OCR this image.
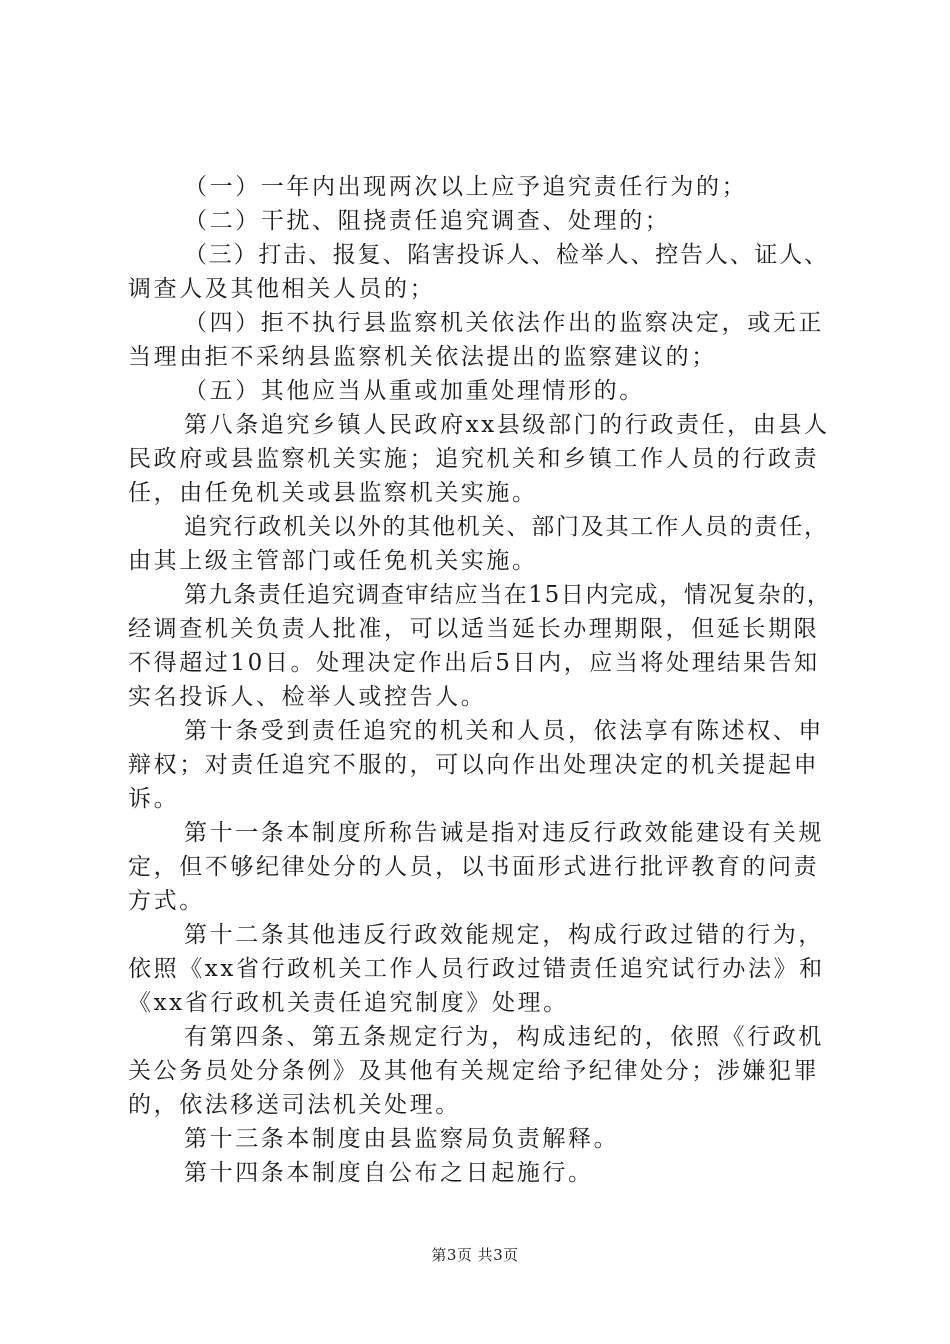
（一）一年内出现两次以上应予追究责任行为的；
（二）干扰、阻挠责任追究调查、处理的；
（三）打击、报复、陷害投诉人、检举人、控告人、证人、
调查人及其他相关人员的；
（四）拒不执行县监察机关依法作出的监察决定，或无正
当理由拒不采纳县监察机关依法提出的监察建议的；
（五）其他应当从重或加重处理情形的。
第八条追究乡镇人民政府xx县级部门的行政责任，由县人
民政府或县监察机关实施；追究机关和乡镇工作人员的行政责
任，由任免机关或县监察机关实施。
追究行政机关以外的其他机关、部门及其工作人员的责任，
由其上级主管部门或任免机关实施。
第九条责任追究调查审结应当在15日内完成，情况复杂的，
经调查机关负责人批准，可以适当延长办理期限，但延长期限
不得超过10日。处理决定作出后5日内，应当将处理结果告知
实名投诉人、检举人或控告人。
第十条受到责任追究的机关和人员，依法享有陈述权、申
辩权；对责任追究不服的，可以向作出处理决定的机关提起申
诉。
第十一条本制度所称告诫是指对违反行政效能建设有关规
定，但不够纪律处分的人员，以书面形式进行批评教育的问责
方式。
第十二条其他违反行政效能规定，构成行政过错的行为，
依照《xx省行政机关工作人员行政过错责任追究试行办法》和
《xx省行政机关责任追究制度》处理。
有第四条、第五条规定行为，构成违纪的，依照《行政机
关公务员处分条例》及其他有关规定给予纪律处分；涉嫌犯罪
的，依法移送司法机关处理。
第十三条本制度由县监察局负责解释。
第十四条本制度自公布之日起施行。
第3页 共3页
